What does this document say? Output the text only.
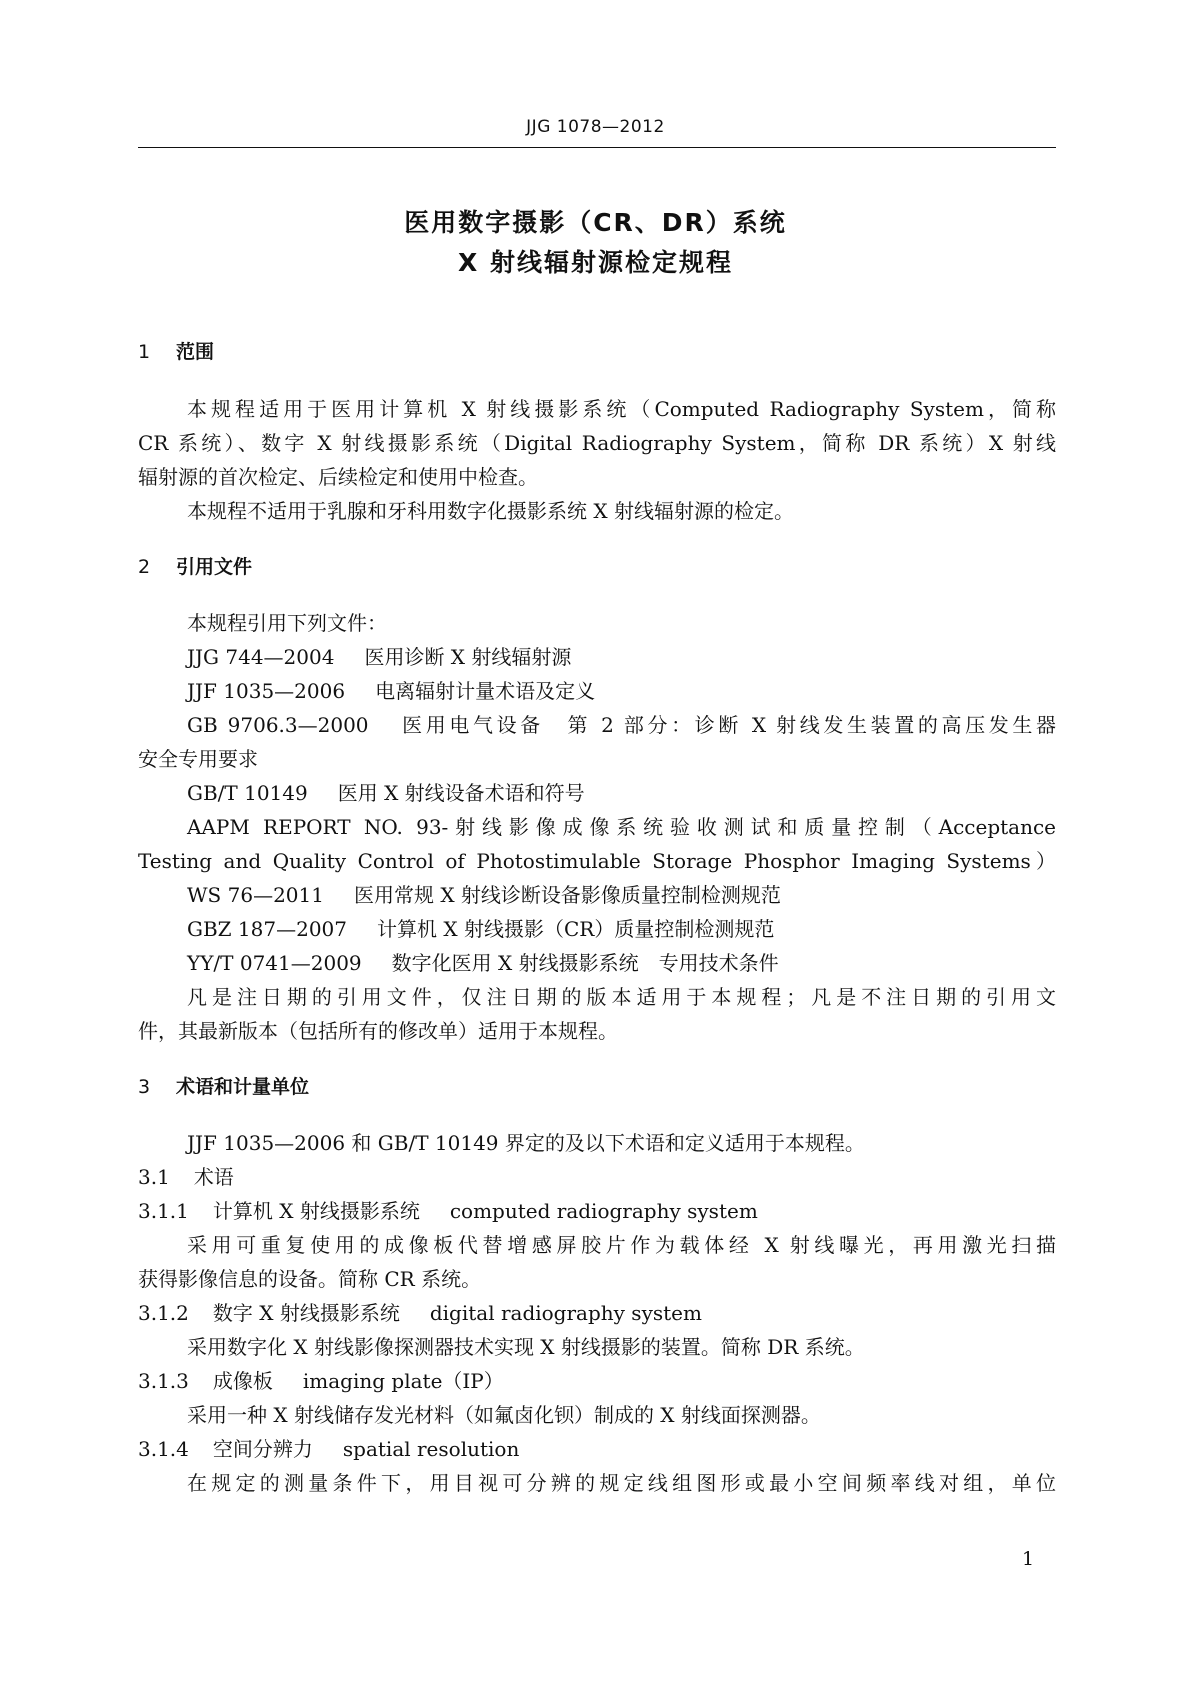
JJG 1078—2012
医用数字摄影（CR、DR）系统
X 射线辐射源检定规程
1 范围
本规程适用于医用计算机 X 射线摄影系统（Computed Radiography System，简称
CR 系统）、数字 X 射线摄影系统（Digital Radiography System，简称 DR 系统）X 射线
辐射源的首次检定、后续检定和使用中检查。
本规程不适用于乳腺和牙科用数字化摄影系统 X 射线辐射源的检定。
2 引用文件
本规程引用下列文件：
JJG 744—2004 医用诊断 X 射线辐射源
JJF 1035—2006 电离辐射计量术语及定义
GB 9706.3—2000 医用电气设备　第 2 部分：诊断 X 射线发生装置的高压发生器
安全专用要求
GB/T 10149 医用 X 射线设备术语和符号
AAPM REPORT NO. 93-射线影像成像系统验收测试和质量控制（Acceptance
Testing and Quality Control of Photostimulable Storage Phosphor Imaging Systems）
WS 76—2011 医用常规 X 射线诊断设备影像质量控制检测规范
GBZ 187—2007 计算机 X 射线摄影（CR）质量控制检测规范
YY/T 0741—2009 数字化医用 X 射线摄影系统　专用技术条件
凡是注日期的引用文件，仅注日期的版本适用于本规程；凡是不注日期的引用文
件，其最新版本（包括所有的修改单）适用于本规程。
3 术语和计量单位
JJF 1035—2006 和 GB/T 10149 界定的及以下术语和定义适用于本规程。
3.1 术语
3.1.1 计算机 X 射线摄影系统 computed radiography system
采用可重复使用的成像板代替增感屏胶片作为载体经 X 射线曝光，再用激光扫描
获得影像信息的设备。简称 CR 系统。
3.1.2 数字 X 射线摄影系统 digital radiography system
采用数字化 X 射线影像探测器技术实现 X 射线摄影的装置。简称 DR 系统。
3.1.3 成像板 imaging plate（IP）
采用一种 X 射线储存发光材料（如氟卤化钡）制成的 X 射线面探测器。
3.1.4 空间分辨力 spatial resolution
在规定的测量条件下，用目视可分辨的规定线组图形或最小空间频率线对组，单位
1
